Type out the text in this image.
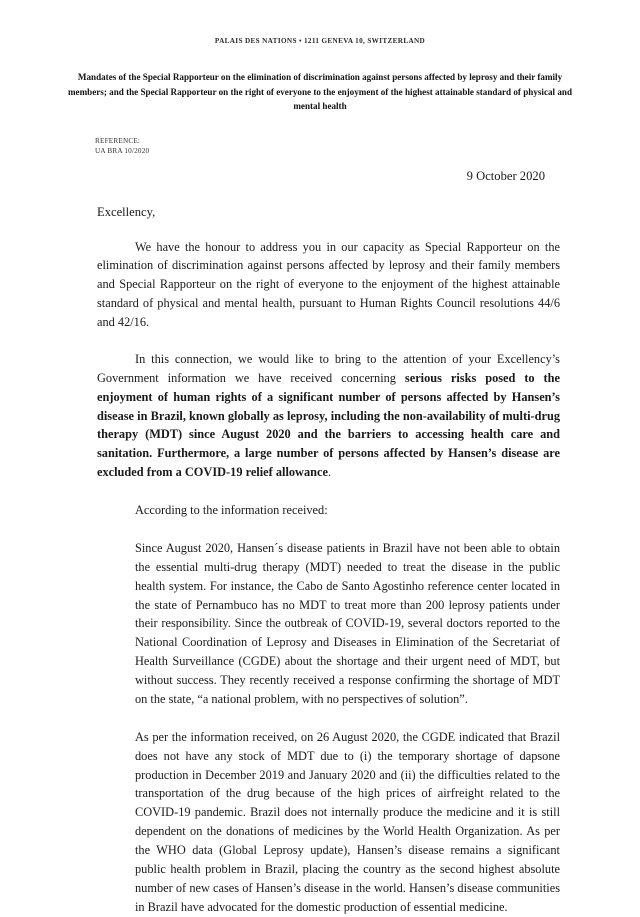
PALAIS DES NATIONS • 1211 GENEVA 10, SWITZERLAND
Mandates of the Special Rapporteur on the elimination of discrimination against persons affected by leprosy and their family members; and the Special Rapporteur on the right of everyone to the enjoyment of the highest attainable standard of physical and mental health
REFERENCE:
UA BRA 10/2020
9 October 2020
Excellency,

We have the honour to address you in our capacity as Special Rapporteur on the elimination of discrimination against persons affected by leprosy and their family members and Special Rapporteur on the right of everyone to the enjoyment of the highest attainable standard of physical and mental health, pursuant to Human Rights Council resolutions 44/6 and 42/16.

In this connection, we would like to bring to the attention of your Excellency’s Government information we have received concerning serious risks posed to the enjoyment of human rights of a significant number of persons affected by Hansen’s disease in Brazil, known globally as leprosy, including the non-availability of multi-drug therapy (MDT) since August 2020 and the barriers to accessing health care and sanitation. Furthermore, a large number of persons affected by Hansen’s disease are excluded from a COVID-19 relief allowance.

According to the information received:

Since August 2020, Hansen´s disease patients in Brazil have not been able to obtain the essential multi-drug therapy (MDT) needed to treat the disease in the public health system. For instance, the Cabo de Santo Agostinho reference center located in the state of Pernambuco has no MDT to treat more than 200 leprosy patients under their responsibility. Since the outbreak of COVID-19, several doctors reported to the National Coordination of Leprosy and Diseases in Elimination of the Secretariat of Health Surveillance (CGDE) about the shortage and their urgent need of MDT, but without success. They recently received a response confirming the shortage of MDT on the state, “a national problem, with no perspectives of solution”.

As per the information received, on 26 August 2020, the CGDE indicated that Brazil does not have any stock of MDT due to (i) the temporary shortage of dapsone production in December 2019 and January 2020 and (ii) the difficulties related to the transportation of the drug because of the high prices of airfreight related to the COVID-19 pandemic. Brazil does not internally produce the medicine and it is still dependent on the donations of medicines by the World Health Organization. As per the WHO data (Global Leprosy update), Hansen’s disease remains a significant public health problem in Brazil, placing the country as the second highest absolute number of new cases of Hansen’s disease in the world. Hansen’s disease communities in Brazil have advocated for the domestic production of essential medicine.
